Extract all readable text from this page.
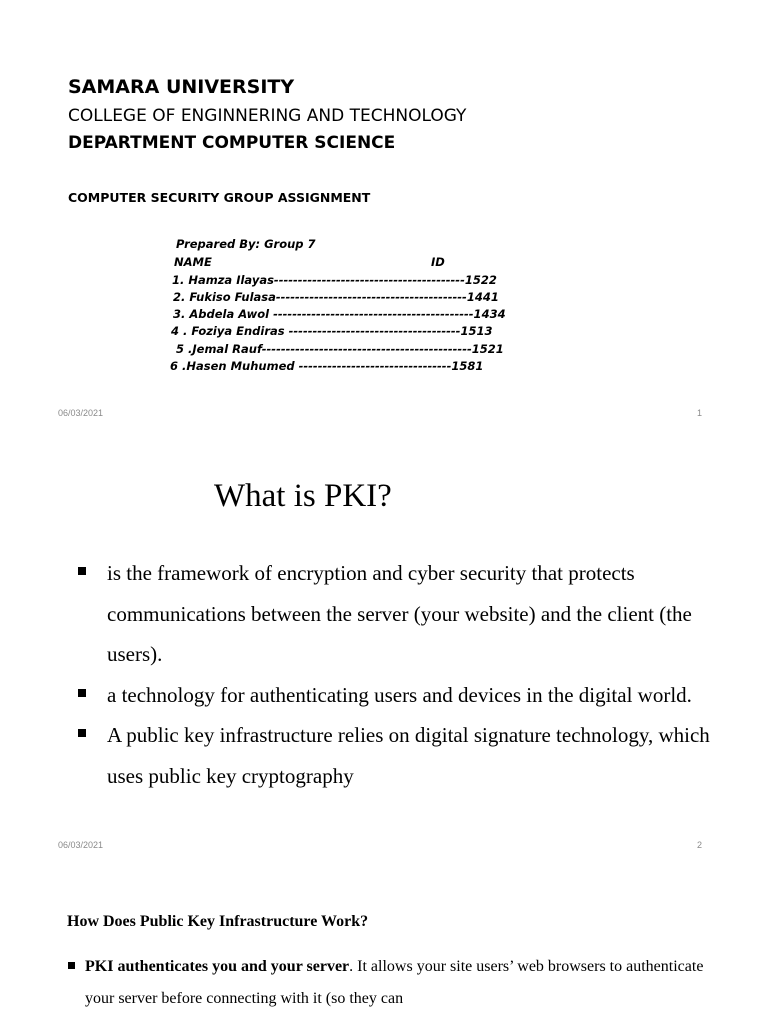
SAMARA UNIVERSITY
COLLEGE OF ENGINNERING AND TECHNOLOGY
DEPARTMENT COMPUTER SCIENCE
COMPUTER SECURITY GROUP ASSIGNMENT
Prepared By: Group 7
NAME	ID
1. Hamza Ilayas----------------------------------------1522
2. Fukiso Fulasa----------------------------------------1441
3. Abdela Awol ------------------------------------------1434
4 . Foziya Endiras ------------------------------------1513
5 .Jemal Rauf--------------------------------------------1521
6 .Hasen Muhumed --------------------------------1581
06/03/2021	1
What is PKI?
is the framework of encryption and cyber security that protects communications between the server (your website) and the client (the users).
a technology for authenticating users and devices in the digital world.
A public key infrastructure relies on digital signature technology, which uses public key cryptography
06/03/2021	2
How Does Public Key Infrastructure Work?
PKI authenticates you and your server. It allows your site users’ web browsers to authenticate your server before connecting with it (so they can
